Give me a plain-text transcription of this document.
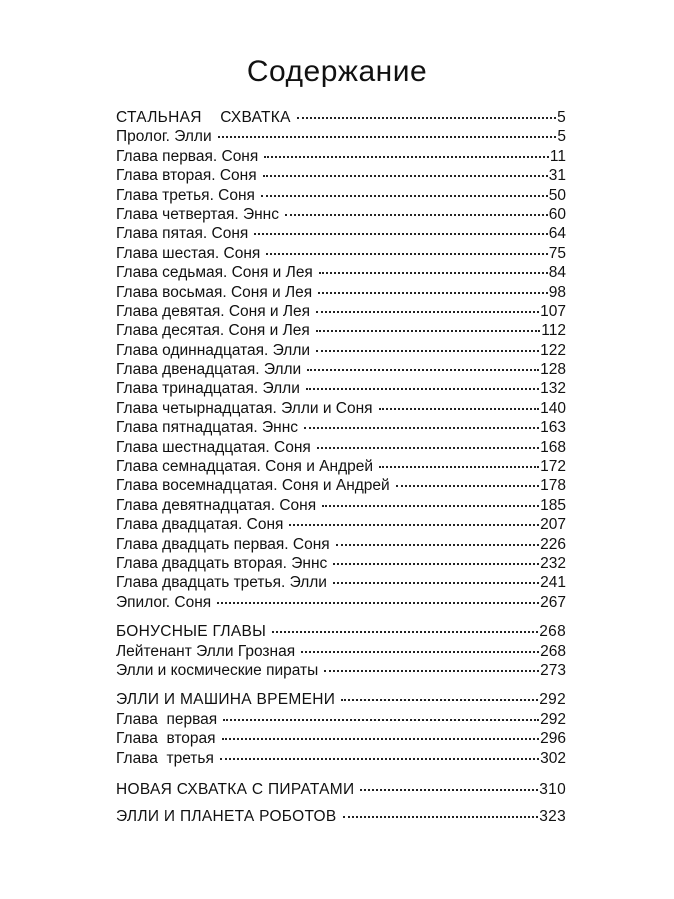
Содержание
СТАЛЬНАЯ    СХВАТКА	5
Пролог. Элли	5
Глава первая. Соня	11
Глава вторая. Соня	31
Глава третья. Соня	50
Глава четвертая. Эннс	60
Глава пятая. Соня	64
Глава шестая. Соня	75
Глава седьмая. Соня и Лея	84
Глава восьмая. Соня и Лея	98
Глава девятая. Соня и Лея	107
Глава десятая. Соня и Лея	112
Глава одиннадцатая. Элли	122
Глава двенадцатая. Элли	128
Глава тринадцатая. Элли	132
Глава четырнадцатая. Элли и Соня	140
Глава пятнадцатая. Эннс	163
Глава шестнадцатая. Соня	168
Глава семнадцатая. Соня и Андрей	172
Глава восемнадцатая. Соня и Андрей	178
Глава девятнадцатая. Соня	185
Глава двадцатая. Соня	207
Глава двадцать первая. Соня	226
Глава двадцать вторая. Эннс	232
Глава двадцать третья. Элли	241
Эпилог. Соня	267
БОНУСНЫЕ ГЛАВЫ	268
Лейтенант Элли Грозная	268
Элли и космические пираты	273
ЭЛЛИ И МАШИНА ВРЕМЕНИ	292
Глава  первая	292
Глава  вторая	296
Глава  третья	302
НОВАЯ СХВАТКА С ПИРАТАМИ	310
ЭЛЛИ И ПЛАНЕТА РОБОТОВ	323
